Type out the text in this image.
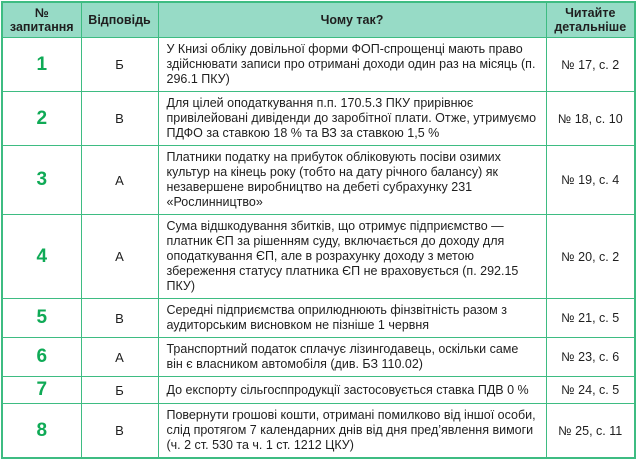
№ запитання	Відповідь	Чому так?	Читайте детальніше
1	Б	У Книзі обліку довільної форми ФОП-спрощенці мають право здійснювати записи про отримані доходи один раз на місяць (п. 296.1 ПКУ)	№ 17, с. 2
2	В	Для цілей оподаткування п.п. 170.5.3 ПКУ прирівнює привілейовані дивіденди до заробітної плати. Отже, утримуємо ПДФО за ставкою 18 % та ВЗ за ставкою 1,5 %	№ 18, с. 10
3	А	Платники податку на прибуток обліковують посіви озимих культур на кінець року (тобто на дату річного балансу) як незавершене виробництво на дебеті субрахунку 231 «Рослинництво»	№ 19, с. 4
4	А	Сума відшкодування збитків, що отримує підприємство — платник ЄП за рішенням суду, включається до доходу для оподаткування ЄП, але в розрахунку доходу з метою збереження статусу платника ЄП не враховується (п. 292.15 ПКУ)	№ 20, с. 2
5	В	Середні підприємства оприлюднюють фінзвітність разом з аудиторським висновком не пізніше 1 червня	№ 21, с. 5
6	А	Транспортний податок сплачує лізингодавець, оскільки саме він є власником автомобіля (див. БЗ 110.02)	№ 23, с. 6
7	Б	До експорту сільгосппродукції застосовується ставка ПДВ 0 %	№ 24, с. 5
8	В	Повернути грошові кошти, отримані помилково від іншої особи, слід протягом 7 календарних днів від дня пред’явлення вимоги (ч. 2 ст. 530 та ч. 1 ст. 1212 ЦКУ)	№ 25, с. 11
